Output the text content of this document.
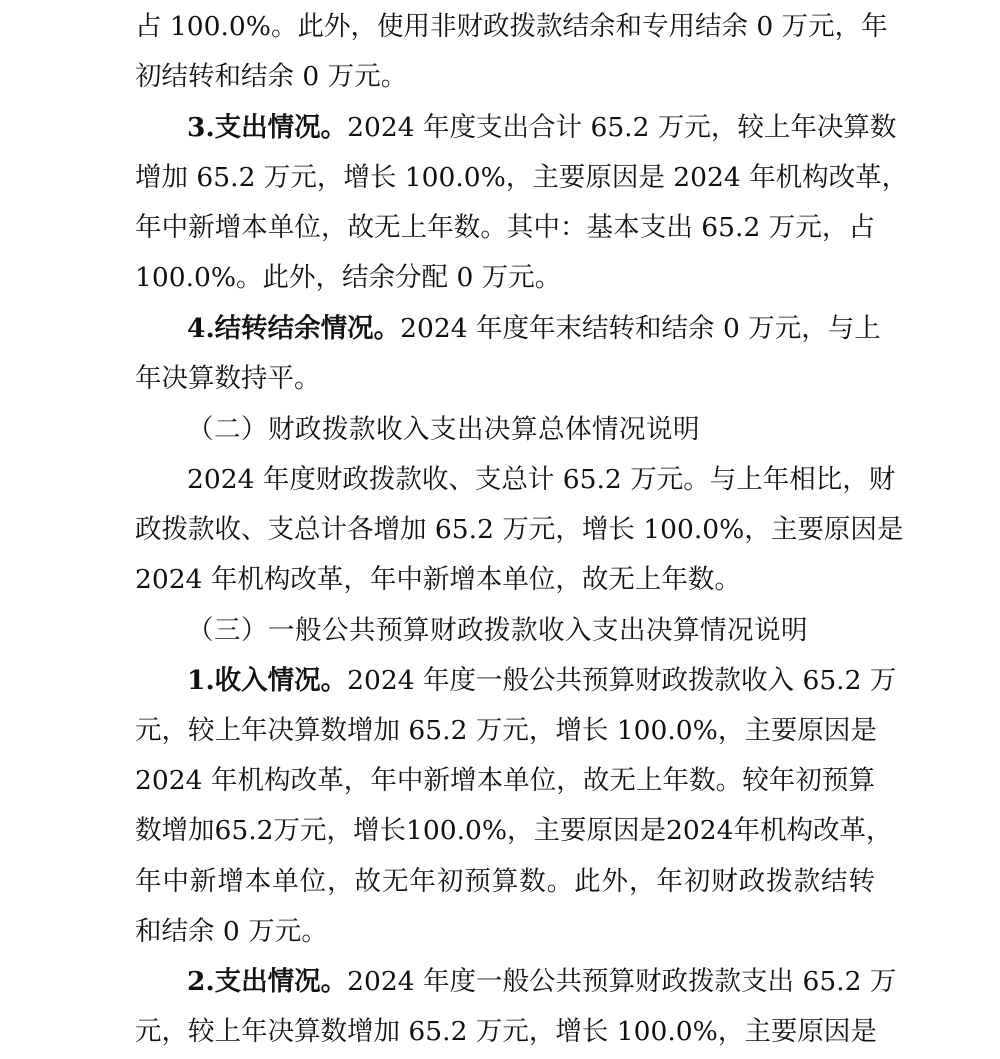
占 100.0%。此外，使用非财政拨款结余和专用结余 0 万元，年
初结转和结余 0 万元。
3.支出情况。2024 年度支出合计 65.2 万元，较上年决算数
增加 65.2 万元，增长 100.0%，主要原因是 2024 年机构改革，
年中新增本单位，故无上年数。其中：基本支出 65.2 万元，占
100.0%。此外，结余分配 0 万元。
4.结转结余情况。2024 年度年末结转和结余 0 万元，与上
年决算数持平。
（二）财政拨款收入支出决算总体情况说明
2024 年度财政拨款收、支总计 65.2 万元。与上年相比，财
政拨款收、支总计各增加 65.2 万元，增长 100.0%，主要原因是
2024 年机构改革，年中新增本单位，故无上年数。
（三）一般公共预算财政拨款收入支出决算情况说明
1.收入情况。2024 年度一般公共预算财政拨款收入 65.2 万
元，较上年决算数增加 65.2 万元，增长 100.0%，主要原因是
2024 年机构改革，年中新增本单位，故无上年数。较年初预算
数增加65.2万元，增长100.0%，主要原因是2024年机构改革，
年中新增本单位，故无年初预算数。此外，年初财政拨款结转
和结余 0 万元。
2.支出情况。2024 年度一般公共预算财政拨款支出 65.2 万
元，较上年决算数增加 65.2 万元，增长 100.0%，主要原因是
